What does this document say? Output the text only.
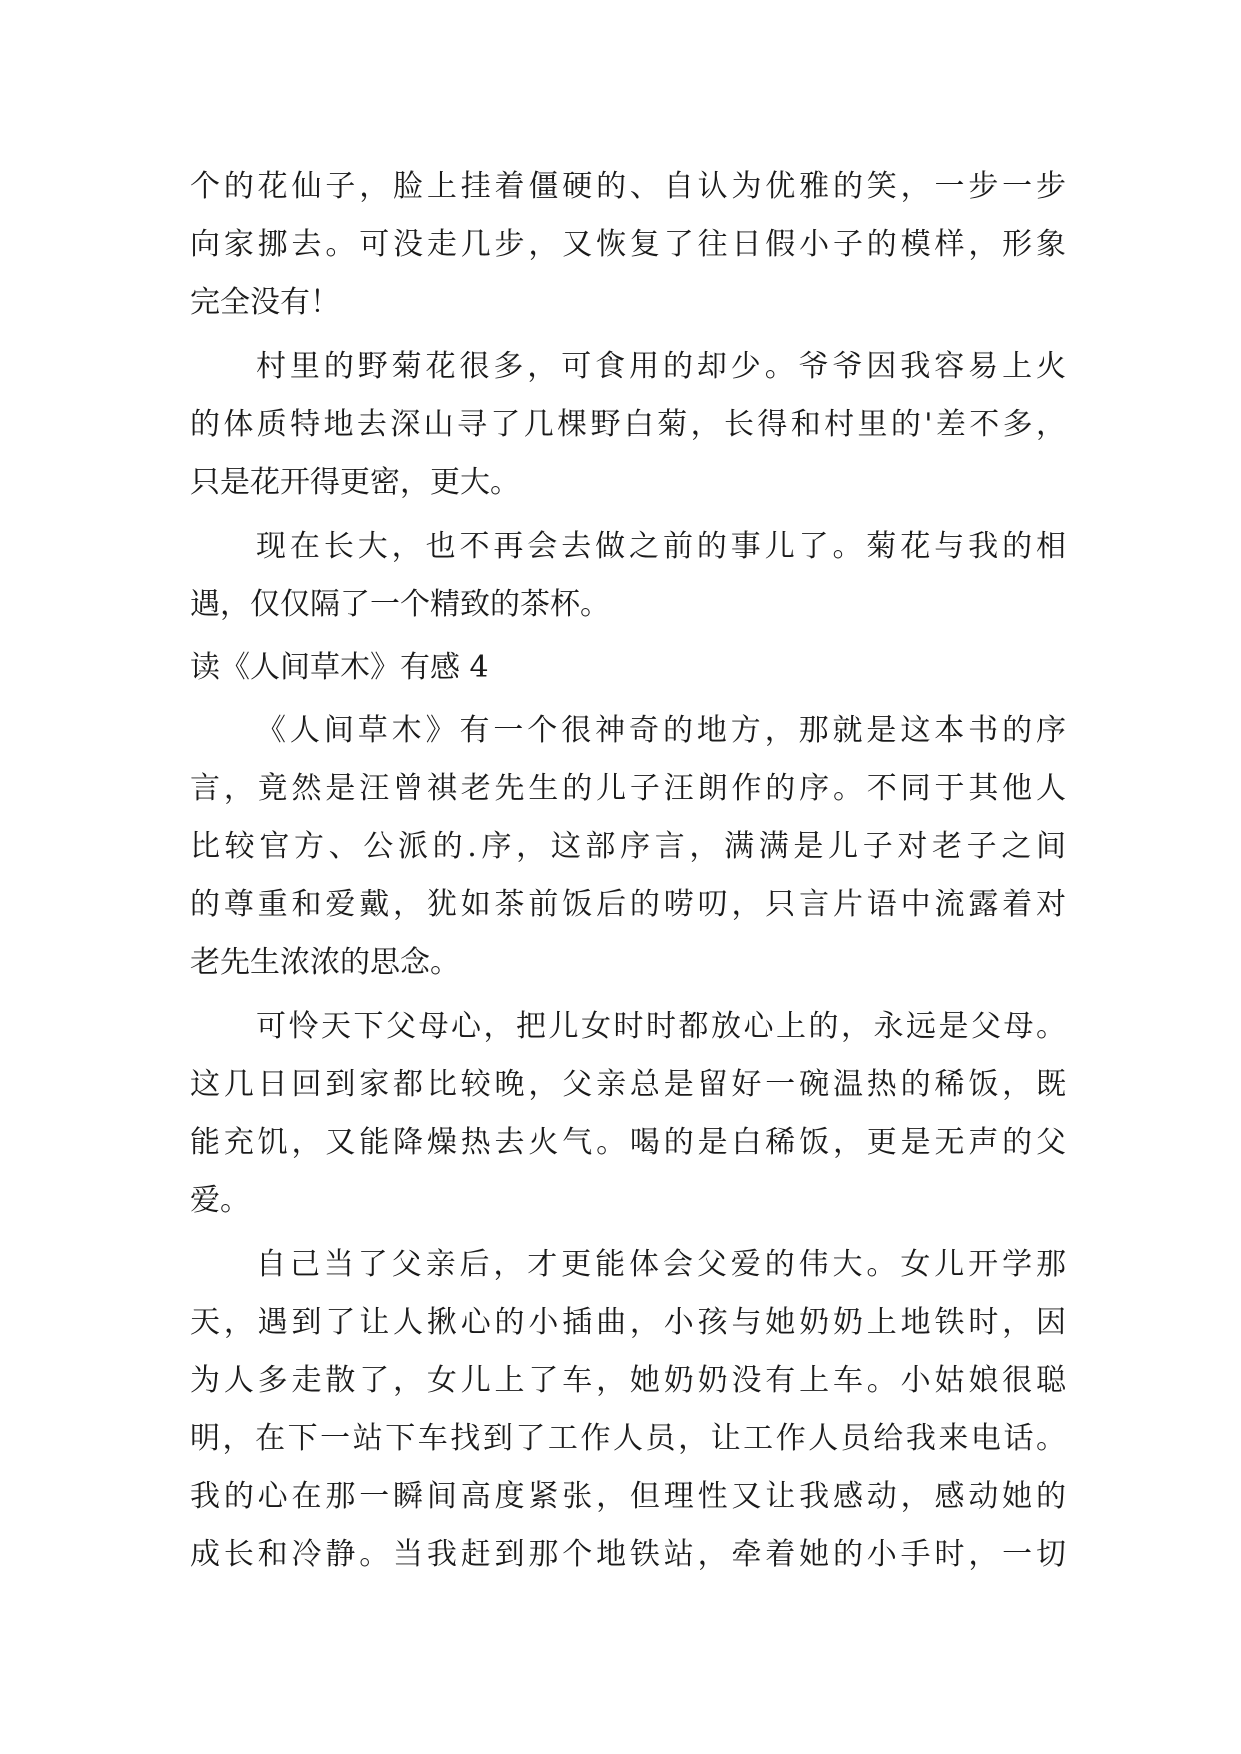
个的花仙子，脸上挂着僵硬的、自认为优雅的笑，一步一步
向家挪去。可没走几步，又恢复了往日假小子的模样，形象
完全没有！
村里的野菊花很多，可食用的却少。爷爷因我容易上火
的体质特地去深山寻了几棵野白菊，长得和村里的'差不多，
只是花开得更密，更大。
现在长大，也不再会去做之前的事儿了。菊花与我的相
遇，仅仅隔了一个精致的茶杯。
读《人间草木》有感 4
《人间草木》有一个很神奇的地方，那就是这本书的序
言，竟然是汪曾祺老先生的儿子汪朗作的序。不同于其他人
比较官方、公派的.序，这部序言，满满是儿子对老子之间
的尊重和爱戴，犹如茶前饭后的唠叨，只言片语中流露着对
老先生浓浓的思念。
可怜天下父母心，把儿女时时都放心上的，永远是父母。
这几日回到家都比较晚，父亲总是留好一碗温热的稀饭，既
能充饥，又能降燥热去火气。喝的是白稀饭，更是无声的父
爱。
自己当了父亲后，才更能体会父爱的伟大。女儿开学那
天，遇到了让人揪心的小插曲，小孩与她奶奶上地铁时，因
为人多走散了，女儿上了车，她奶奶没有上车。小姑娘很聪
明，在下一站下车找到了工作人员，让工作人员给我来电话。
我的心在那一瞬间高度紧张，但理性又让我感动，感动她的
成长和冷静。当我赶到那个地铁站，牵着她的小手时，一切
